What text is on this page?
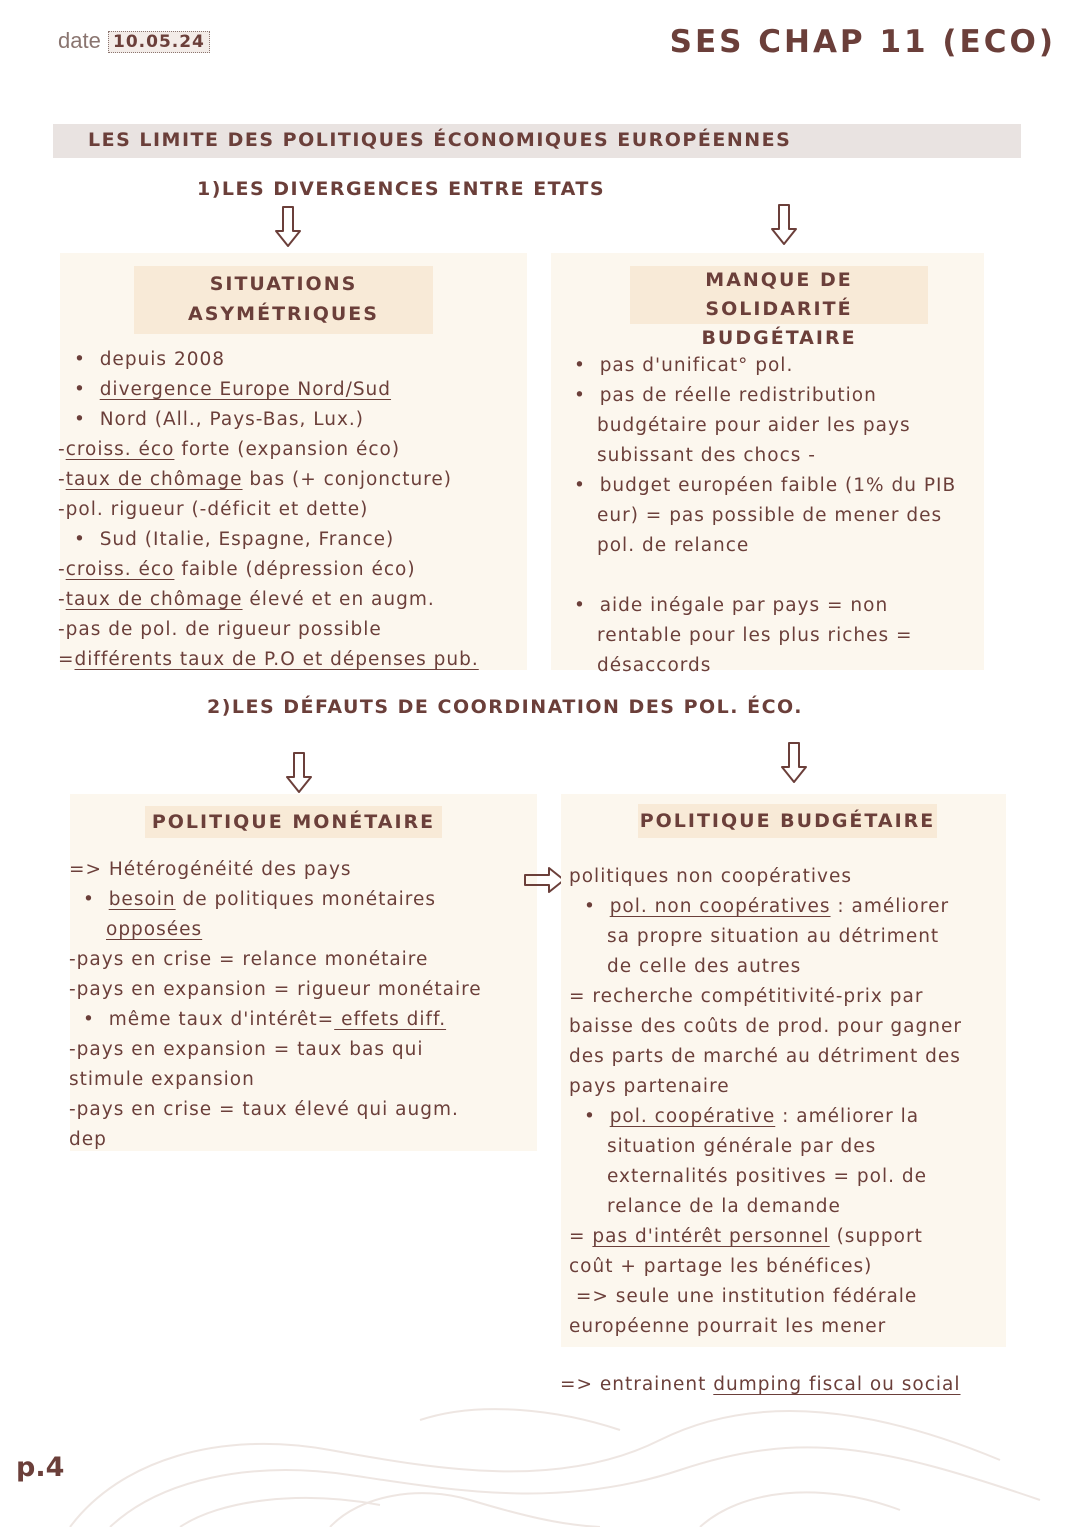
date 10.05.24	SES CHAP 11 (ECO)
LES LIMITE DES POLITIQUES ÉCONOMIQUES EUROPÉENNES
1)LES DIVERGENCES ENTRE ETATS
SITUATIONS
ASYMÉTRIQUES
•  depuis 2008
•  divergence Europe Nord/Sud
•  Nord (All., Pays-Bas, Lux.)
-croiss. éco forte (expansion éco)
-taux de chômage bas (+ conjoncture)
-pol. rigueur (-déficit et dette)
•  Sud (Italie, Espagne, France)
-croiss. éco faible (dépression éco)
-taux de chômage élevé et en augm.
-pas de pol. de rigueur possible
=différents taux de P.O et dépenses pub.
MANQUE DE SOLIDARITÉ
BUDGÉTAIRE
•  pas d'unificat° pol.
•  pas de réelle redistribution
budgétaire pour aider les pays
subissant des chocs -
•  budget européen faible (1% du PIB
eur) = pas possible de mener des
pol. de relance
•  aide inégale par pays = non
rentable pour les plus riches =
désaccords
2)LES DÉFAUTS DE COORDINATION DES POL. ÉCO.
POLITIQUE MONÉTAIRE
=> Hétérogénéité des pays
•  besoin de politiques monétaires
opposées
-pays en crise = relance monétaire
-pays en expansion = rigueur monétaire
•  même taux d'intérêt= effets diff.
-pays en expansion = taux bas qui
stimule expansion
-pays en crise = taux élevé qui augm.
dep
POLITIQUE BUDGÉTAIRE
politiques non coopératives
•  pol. non coopératives : améliorer
sa propre situation au détriment
de celle des autres
= recherche compétitivité-prix par
baisse des coûts de prod. pour gagner
des parts de marché au détriment des
pays partenaire
•  pol. coopérative : améliorer la
situation générale par des
externalités positives = pol. de
relance de la demande
= pas d'intérêt personnel (support
coût + partage les bénéfices)
=> seule une institution fédérale
européenne pourrait les mener
=> entrainent dumping fiscal ou social
p.4
